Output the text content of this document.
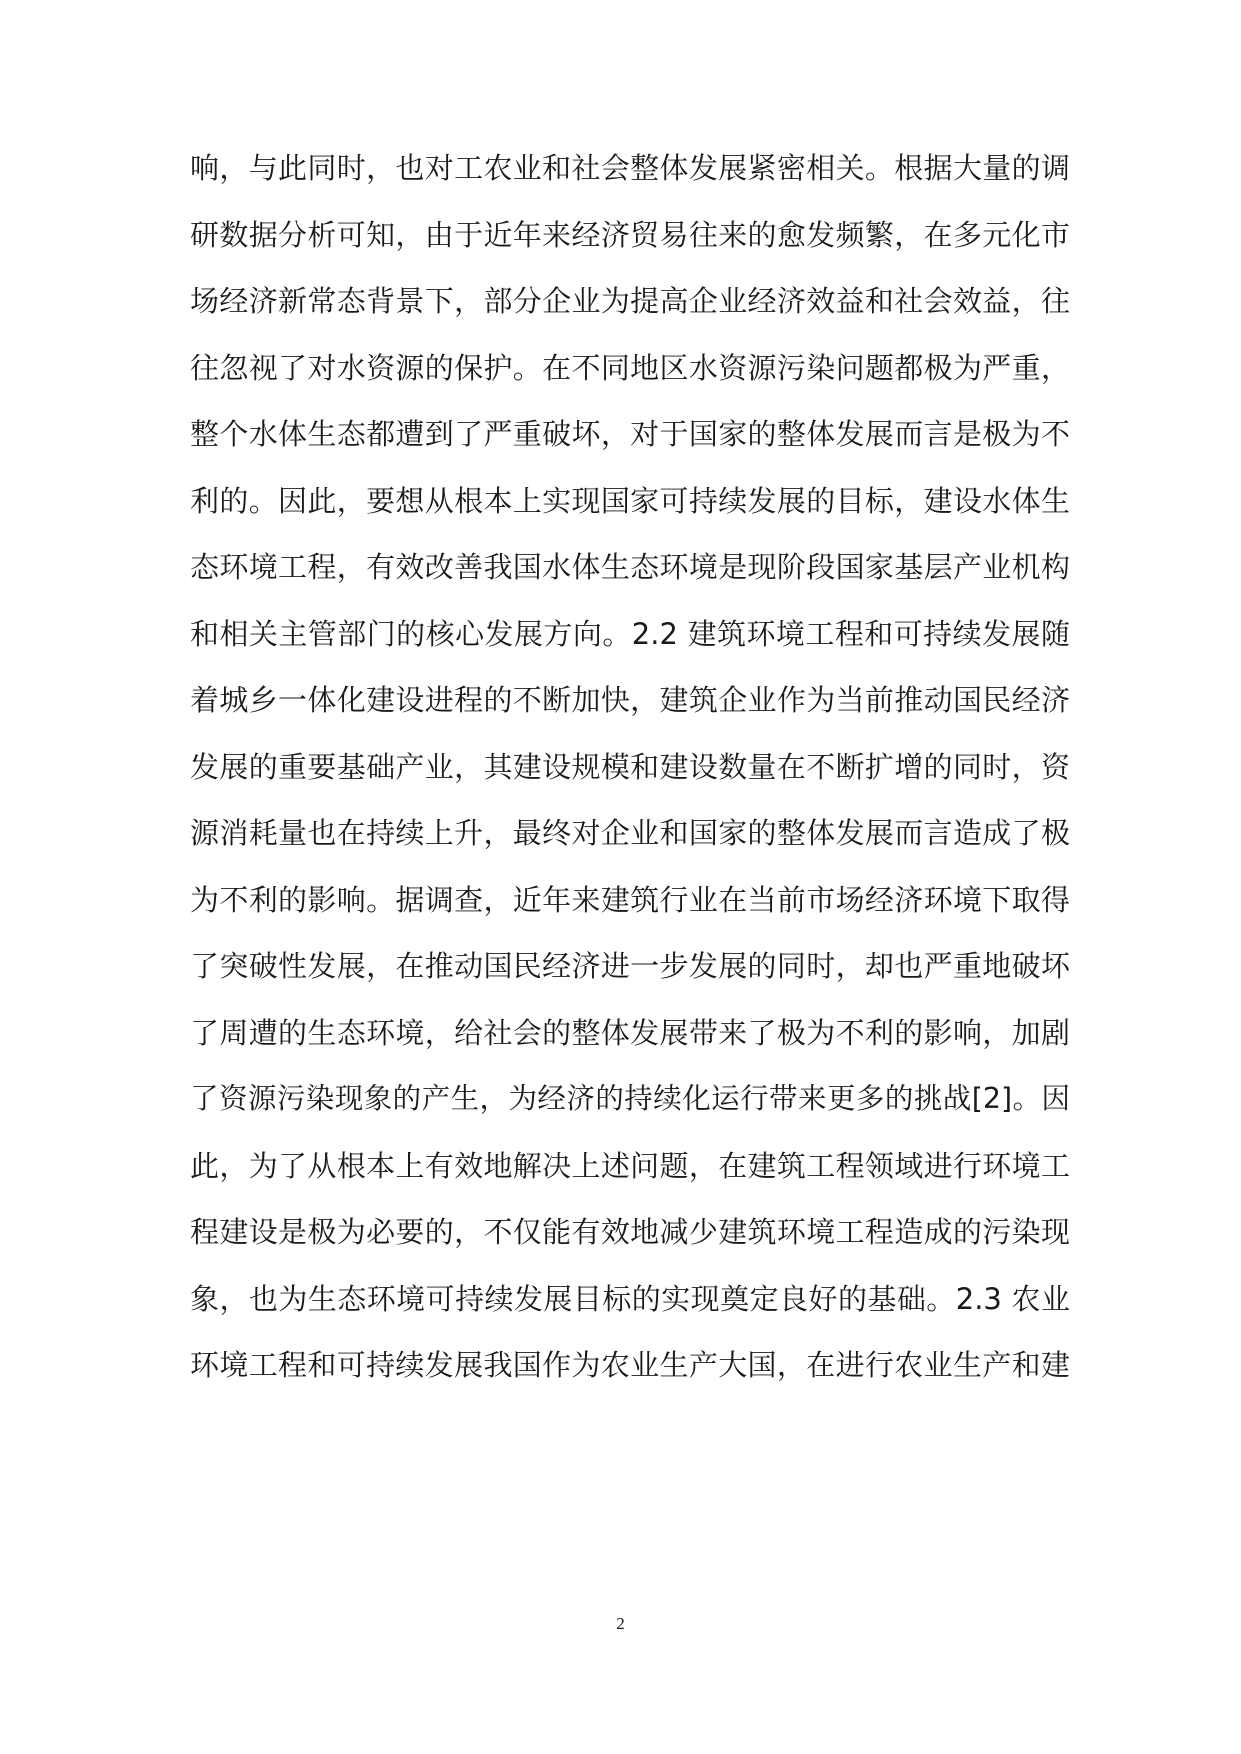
响，与此同时，也对工农业和社会整体发展紧密相关。根据大量的调
研数据分析可知，由于近年来经济贸易往来的愈发频繁，在多元化市
场经济新常态背景下，部分企业为提高企业经济效益和社会效益，往
往忽视了对水资源的保护。在不同地区水资源污染问题都极为严重，
整个水体生态都遭到了严重破坏，对于国家的整体发展而言是极为不
利的。因此，要想从根本上实现国家可持续发展的目标，建设水体生
态环境工程，有效改善我国水体生态环境是现阶段国家基层产业机构
和相关主管部门的核心发展方向。2.2 建筑环境工程和可持续发展随
着城乡一体化建设进程的不断加快，建筑企业作为当前推动国民经济
发展的重要基础产业，其建设规模和建设数量在不断扩增的同时，资
源消耗量也在持续上升，最终对企业和国家的整体发展而言造成了极
为不利的影响。据调查，近年来建筑行业在当前市场经济环境下取得
了突破性发展，在推动国民经济进一步发展的同时，却也严重地破坏
了周遭的生态环境，给社会的整体发展带来了极为不利的影响，加剧
了资源污染现象的产生，为经济的持续化运行带来更多的挑战[2]。因
此，为了从根本上有效地解决上述问题，在建筑工程领域进行环境工
程建设是极为必要的，不仅能有效地减少建筑环境工程造成的污染现
象，也为生态环境可持续发展目标的实现奠定良好的基础。2.3 农业
环境工程和可持续发展我国作为农业生产大国，在进行农业生产和建
2
